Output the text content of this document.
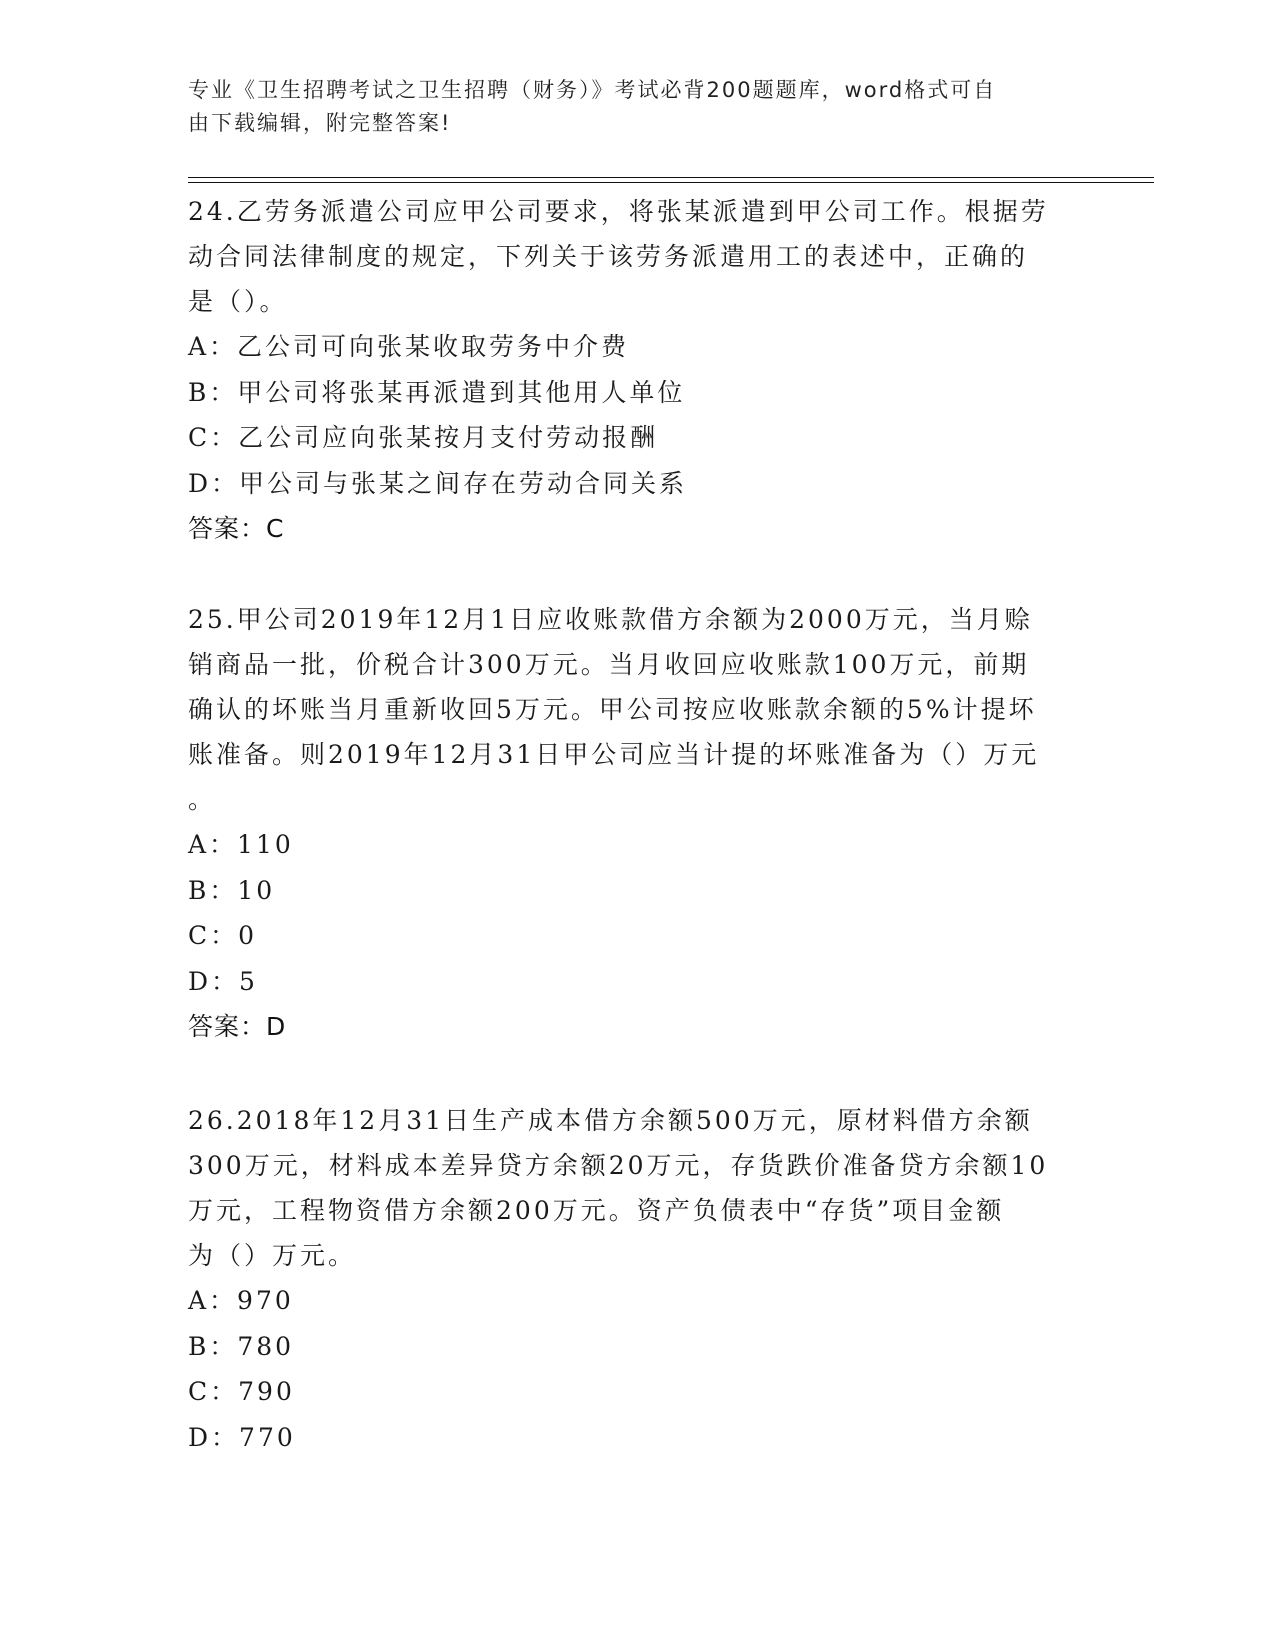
专业《卫生招聘考试之卫生招聘（财务）》考试必背200题题库，word格式可自
由下载编辑，附完整答案!

24.乙劳务派遣公司应甲公司要求，将张某派遣到甲公司工作。根据劳

动合同法律制度的规定，下列关于该劳务派遣用工的表述中，正确的

是（）。

A：乙公司可向张某收取劳务中介费

B：甲公司将张某再派遣到其他用人单位

C：乙公司应向张某按月支付劳动报酬

D：甲公司与张某之间存在劳动合同关系

答案：C

25.甲公司2019年12月1日应收账款借方余额为2000万元，当月赊

销商品一批，价税合计300万元。当月收回应收账款100万元，前期

确认的坏账当月重新收回5万元。甲公司按应收账款余额的5%计提坏

账准备。则2019年12月31日甲公司应当计提的坏账准备为（）万元

。

A：110

B：10

C：0

D：5

答案：D

26.2018年12月31日生产成本借方余额500万元，原材料借方余额

300万元，材料成本差异贷方余额20万元，存货跌价准备贷方余额10

万元，工程物资借方余额200万元。资产负债表中“存货”项目金额

为（）万元。

A：970

B：780

C：790

D：770
